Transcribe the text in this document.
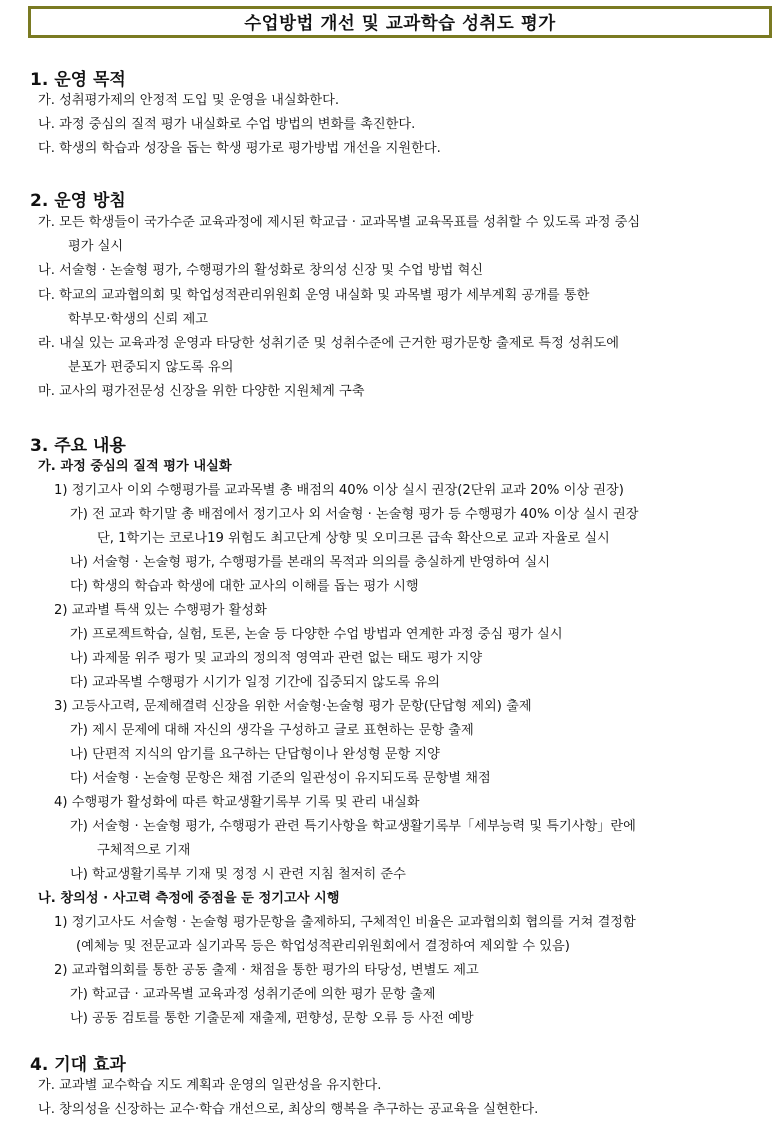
수업방법 개선 및 교과학습 성취도 평가
1. 운영 목적
가. 성취평가제의 안정적 도입 및 운영을 내실화한다.
나. 과정 중심의 질적 평가 내실화로 수업 방법의 변화를 촉진한다.
다. 학생의 학습과 성장을 돕는 학생 평가로 평가방법 개선을 지원한다.
2. 운영 방침
가. 모든 학생들이 국가수준 교육과정에 제시된 학교급 · 교과목별 교육목표를 성취할 수 있도록 과정 중심
평가 실시
나. 서술형 · 논술형 평가, 수행평가의 활성화로 창의성 신장 및 수업 방법 혁신
다. 학교의 교과협의회 및 학업성적관리위원회 운영 내실화 및 과목별 평가 세부계획 공개를 통한
학부모·학생의 신뢰 제고
라. 내실 있는 교육과정 운영과 타당한 성취기준 및 성취수준에 근거한 평가문항 출제로 특정 성취도에
분포가 편중되지 않도록 유의
마. 교사의 평가전문성 신장을 위한 다양한 지원체계 구축
3. 주요 내용
가. 과정 중심의 질적 평가 내실화
1) 정기고사 이외 수행평가를 교과목별 총 배점의 40% 이상 실시 권장(2단위 교과 20% 이상 권장)
가) 전 교과 학기말 총 배점에서 정기고사 외 서술형 · 논술형 평가 등 수행평가 40% 이상 실시 권장
단, 1학기는 코로나19 위험도 최고단계 상향 및 오미크론 급속 확산으로 교과 자율로 실시
나) 서술형 · 논술형 평가, 수행평가를 본래의 목적과 의의를 충실하게 반영하여 실시
다) 학생의 학습과 학생에 대한 교사의 이해를 돕는 평가 시행
2) 교과별 특색 있는 수행평가 활성화
가) 프로젝트학습, 실험, 토론, 논술 등 다양한 수업 방법과 연계한 과정 중심 평가 실시
나) 과제물 위주 평가 및 교과의 정의적 영역과 관련 없는 태도 평가 지양
다) 교과목별 수행평가 시기가 일정 기간에 집중되지 않도록 유의
3) 고등사고력, 문제해결력 신장을 위한 서술형·논술형 평가 문항(단답형 제외) 출제
가) 제시 문제에 대해 자신의 생각을 구성하고 글로 표현하는 문항 출제
나) 단편적 지식의 암기를 요구하는 단답형이나 완성형 문항 지양
다) 서술형 · 논술형 문항은 채점 기준의 일관성이 유지되도록 문항별 채점
4) 수행평가 활성화에 따른 학교생활기록부 기록 및 관리 내실화
가) 서술형 · 논술형 평가, 수행평가 관련 특기사항을 학교생활기록부「세부능력 및 특기사항」란에
구체적으로 기재
나) 학교생활기록부 기재 및 정정 시 관련 지침 철저히 준수
나. 창의성 · 사고력 측정에 중점을 둔 정기고사 시행
1) 정기고사도 서술형 · 논술형 평가문항을 출제하되, 구체적인 비율은 교과협의회 협의를 거쳐 결정함
(예체능 및 전문교과 실기과목 등은 학업성적관리위원회에서 결정하여 제외할 수 있음)
2) 교과협의회를 통한 공동 출제 · 채점을 통한 평가의 타당성, 변별도 제고
가) 학교급 · 교과목별 교육과정 성취기준에 의한 평가 문항 출제
나) 공동 검토를 통한 기출문제 재출제, 편향성, 문항 오류 등 사전 예방
4. 기대 효과
가. 교과별 교수학습 지도 계획과 운영의 일관성을 유지한다.
나. 창의성을 신장하는 교수·학습 개선으로, 최상의 행복을 추구하는 공교육을 실현한다.
